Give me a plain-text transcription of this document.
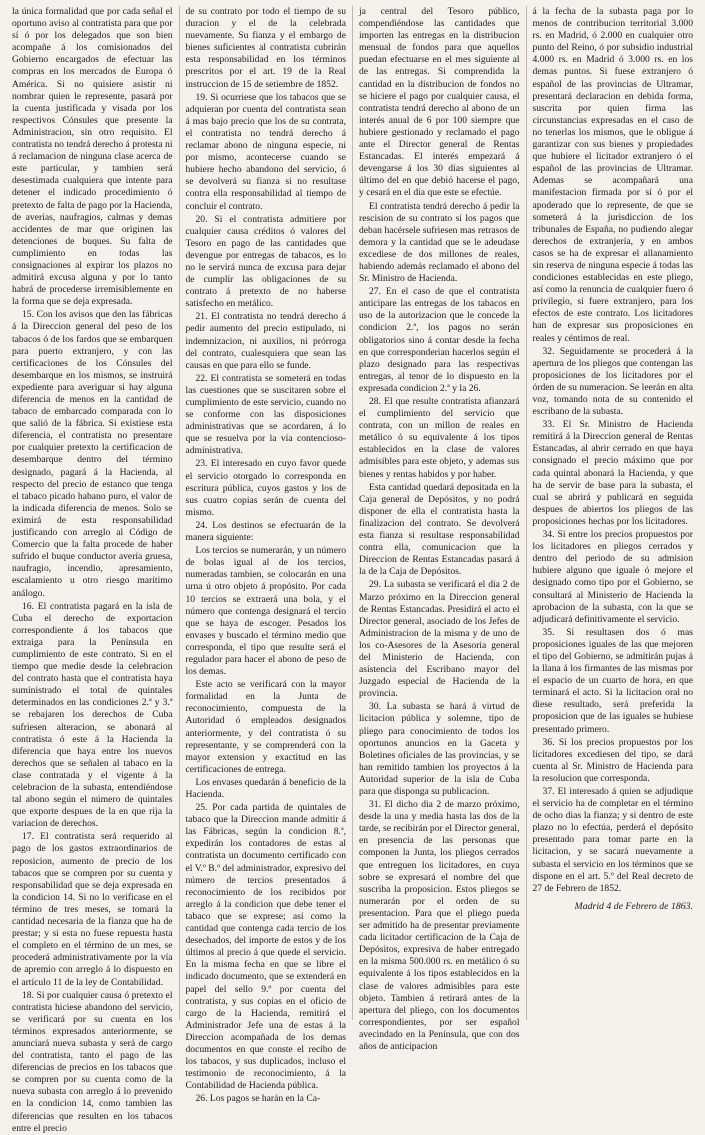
la única formalidad que por cada señal el oportuno aviso al contratista para que por sí ó por los delegados que son bien acompañe á los comisionados del Gobierno encargados de efectuar las compras en los mercados de Europa ó América. Si no quisiere asistir ni nombrar quien le represente, pasará por la cuenta justificada y visada por los respectivos Cónsules que presente la Administracion, sin otro requisito. El contratista no tendrá derecho á protesta ni á reclamacion de ninguna clase acerca de este particular, y tambien será desestimada cualquiera que intente para detener el indicado procedimiento ó pretexto de falta de pago por la Hacienda, de averías, naufragios, calmas y demas accidentes de mar que originen las detenciones de buques. Su falta de cumplimiento en todas las consignaciones al expirar los plazos no admitirá excusa alguna y por lo tanto habrá de procederse irremisiblemente en la forma que se deja expresada.

15. Con los avisos que den las fábricas á la Direccion general del peso de los tabacos ó de los fardos que se embarquen para puerto extranjero, y con las certificaciones de los Cónsules del desembarque en los mismos, se instruirá expediente para averiguar si hay alguna diferencia de menos en la cantidad de tabaco de embarcado comparada con lo que salió de la fábrica. Si existiese esta diferencia, el contratista no presentare por cualquier pretexto la certificacion de desembarque dentro del término designado, pagará á la Hacienda, al respecto del precio de estanco que tenga el tabaco picado habano puro, el valor de la indicada diferencia de menos. Solo se eximirá de esta responsabilidad justificando con arreglo al Código de Comercio que la falta procede de haber sufrido el buque conductor avería gruesa, naufragio, incendio, apresamiento, escalamiento u otro riesgo marítimo análogo.

16. El contratista pagará en la isla de Cuba el derecho de exportacion correspondiente á los tabacos que extraiga para la Península en cumplimiento de este contrato. Si en el tiempo que medie desde la celebracion del contrato hasta que el contratista haya suministrado el total de quintales determinados en las condiciones 2.ª y 3.ª se rebajaren los derechos de Cuba sufriesen alteracion, se abonará al contratista ó este á la Hacienda la diferencia que haya entre los nuevos derechos que se señalen al tabaco en la clase contratada y el vigente á la celebracion de la subasta, entendiéndose tal abono según el número de quintales que exporte despues de la en que rija la variacion de derechos.

17. El contratista será requerido al pago de los gastos extraordinarios de reposicion, aumento de precio de los tabacos que se compren por su cuenta y responsabilidad que se deja expresada en la condicion 14. Si no lo verificase en el término de tres meses, se tomará la cantidad necesaria de la fianza que ha de prestar; y si esta no fuese repuesta hasta el completo en el término de un mes, se procederá administrativamente por la vía de apremio con arreglo á lo dispuesto en el artículo 11 de la ley de Contabilidad.

18. Si por cualquier causa ó pretexto el contratista hiciese abandono del servicio, se verificará por su cuenta en los términos expresados anteriormente, se anunciará nueva subasta y será de cargo del contratista, tanto el pago de las diferencias de precios en los tabacos que se compren por su cuenta como de la nueva subasta con arreglo á lo prevenido en la condicion 14, como tambien las diferencias que resulten en los tabacos entre el precio

de su contrato por todo el tiempo de su duracion y el de la celebrada nuevamente. Su fianza y el embargo de bienes suficientes al contratista cubrirán esta responsabilidad en los términos prescritos por el art. 19 de la Real instruccion de 15 de setiembre de 1852.

19. Si ocurriese que los tabacos que se adquieran por cuenta del contratista sean á mas bajo precio que los de su contrata, el contratista no tendrá derecho á reclamar abono de ninguna especie, ni por mismo, acontecerse cuando se hubiere hecho abandono del servicio, ó se devolverá su fianza si no resultase contra ella responsabilidad al tiempo de concluir el contrato.

20. Si el contratista admitiere por cualquier causa créditos ó valores del Tesoro en pago de las cantidades que devengue por entregas de tabacos, es lo no le servirá nunca de excusa para dejar de cumplir las obligaciones de su contrato á pretexto de no haberse satisfecho en metálico.

21. El contratista no tendrá derecho á pedir aumento del precio estipulado, ni indemnizacion, ni auxilios, ni prórroga del contrato, cualesquiera que sean las causas en que para ello se funde.

22. El contratista se someterá en todas las cuestiones que se suscitaren sobre el cumplimiento de este servicio, cuando no se conforme con las disposiciones administrativas que se acordaren, á lo que se resuelva por la vía contencioso-administrativa.

23. El interesado en cuyo favor quede el servicio otorgado lo corresponda en escritura pública, cuyos gastos y los de sus cuatro copias serán de cuenta del mismo.

24. Los destinos se efectuarán de la manera siguiente:

Los tercios se numerarán, y un número de bolas igual al de los tercios, numeradas tambien, se colocarán en una urna ú otro objeto á propósito. Por cada 10 tercios se extraerá una bola, y el número que contenga designará el tercio que se haya de escoger. Pesados los envases y buscado el término medio que corresponda, el tipo que resulte será el regulador para hacer el abono de peso de los demas.

Este acto se verificará con la mayor formalidad en la Junta de reconocimiento, compuesta de la Autoridad ó empleados designados anteriormente, y del contratista ó su representante, y se comprenderá con la mayor extension y exactitud en las certificaciones de entrega.

Los envases quedarán á beneficio de la Hacienda.

25. Por cada partida de quintales de tabaco que la Direccion mande admitir á las Fábricas, según la condicion 8.ª, expedirán los contadores de estas al contratista un documento certificado con el V.º B.º del administrador, expresivo del número de tercios presentados á reconocimiento de los recibidos por arreglo á la condicion que debe tener el tabaco que se exprese; así como la cantidad que contenga cada tercio de los desechados, del importe de estos y de los últimos al precio á que quede el servicio. En la misma fecha en que se libre el indicado documento, que se extenderá en papel del sello 9.º por cuenta del contratista, y sus copias en el oficio de cargo de la Hacienda, remitirá el Administrador Jefe una de estas á la Direccion acompañada de los demas documentos en que conste el recibo de los tabacos, y sus duplicados, incluso el testimonio de reconocimiento, á la Contabilidad de Hacienda pública.

26. Los pagos se harán en la Ca-

ja central del Tesoro público, compendiéndose las cantidades que importen las entregas en la distribucion mensual de fondos para que aquellos puedan efectuarse en el mes siguiente al de las entregas. Si comprendida la cantidad en la distribucion de fondos no se hiciere el pago por cualquier causa, el contratista tendrá derecho al abono de un interés anual de 6 por 100 siempre que hubiere gestionado y reclamado el pago ante el Director general de Rentas Estancadas. El interés empezará á devengarse á los 30 días siguientes al último del en que debió hacerse el pago, y cesará en el día que este se efectúe.

El contratista tendrá derecho á pedir la rescision de su contrato si los pagos que deban hacérsele sufriesen mas retrasos de demora y la cantidad que se le adeudase excediese de dos millones de reales, habiendo además reclamado el abono del Sr. Ministro de Hacienda.

27. En el caso de que el contratista anticipare las entregas de los tabacos en uso de la autorizacion que le concede la condicion 2.ª, los pagos no serán obligatorios sino á contar desde la fecha en que corresponderian hacerlos según el plazo designado para las respectivas entregas, al tenor de lo dispuesto en la expresada condicion 2.ª y la 26.

28. El que resulte contratista afianzará el cumplimiento del servicio que contrata, con un millon de reales en metálico ó su equivalente á los tipos establecidos en la clase de valores admisibles para este objeto, y ademas sus bienes y rentas habidos y por haber.

Esta cantidad quedará depositada en la Caja general de Depósitos, y no podrá disponer de ella el contratista hasta la finalizacion del contrato. Se devolverá esta fianza si resultase responsabilidad contra ella, comunicacion que la Direccion de Rentas Estancadas pasará á la de la Caja de Depósitos.

29. La subasta se verificará el dia 2 de Marzo próximo en la Direccion general de Rentas Estancadas. Presidirá el acto el Director general, asociado de los Jefes de Administracion de la misma y de uno de los co-Asesores de la Asesoría general del Ministerio de Hacienda, con asistencia del Escribano mayor del Juzgado especial de Hacienda de la provincia.

30. La subasta se hará á virtud de licitacion pública y solemne, tipo de pliego para conocimiento de todos los oportunos anuncios en la Gaceta y Boletines oficiales de las provincias, y se han remitido tambien los proyectos á la Autoridad superior de la isla de Cuba para que disponga su publicacion.

31. El dicho dia 2 de marzo próximo, desde la una y media hasta las dos de la tarde, se recibirán por el Director general, en presencia de las personas que componen la Junta, los pliegos cerrados que entreguen los licitadores, en cuya sobre se expresará el nombre del que suscriba la proposicion. Estos pliegos se numerarán por el orden de su presentacion. Para que el pliego pueda ser admitido ha de presentar previamente cada licitador certificacion de la Caja de Depósitos, expresiva de haber entregado en la misma 500.000 rs. en metálico ó su equivalente á los tipos establecidos en la clase de valores admisibles para este objeto. Tambien á retirará antes de la apertura del pliego, con los documentos correspondientes, por ser español avecindado en la Península, que con dos años de anticipacion

á la fecha de la subasta paga por lo menos de contribucion territorial 3.000 rs. en Madrid, ó 2.000 en cualquier otro punto del Reino, ó por subsidio industrial 4.000 rs. en Madrid ó 3.000 rs. en los demas puntos. Si fuese extranjero ó español de las provincias de Ultramar, presentará declaracion en debida forma, suscrita por quien firma las circunstancias expresadas en el caso de no tenerlas los mismos, que le obligue á garantizar con sus bienes y propiedades que hubiere el licitador extranjero ó el español de las provincias de Ultramar. Ademas se acompañará una manifestacion firmada por sí ó por el apoderado que lo represente, de que se someterá á la jurisdiccion de los tribunales de España, no pudiendo alegar derechos de extranjería, y en ambos casos se ha de expresar el allanamiento sin reserva de ninguna especie á todas las condiciones establecidas en este pliego, así como la renuncia de cualquier fuero ó privilegio, si fuere extranjero, para los efectos de este contrato. Los licitadores han de expresar sus proposiciones en reales y céntimos de real.

32. Seguidamente se procederá á la apertura de los pliegos que contengan las proposiciones de los licitadores por el órden de su numeracion. Se leerán en alta voz, tomando nota de su contenido el escribano de la subasta.

33. El Sr. Ministro de Hacienda remitirá á la Direccion general de Rentas Estancadas, al abrir cerrado en que haya consignado el precio máximo que por cada quintal abonará la Hacienda, y que ha de servir de base para la subasta, el cual se abrirá y publicará en seguida despues de abiertos los pliegos de las proposiciones hechas por los licitadores.

34. Si entre los precios propuestos por los licitadores en pliegos cerrados y dentro del periodo de su admision hubiere alguno que iguale ó mejore el designado como tipo por el Gobierno, se consultará al Ministerio de Hacienda la aprobacion de la subasta, con la que se adjudicará definitivamente el servicio.

35. Si resultasen dos ó mas proposiciones iguales de las que mejoren el tipo del Gobierno, se admitirán pujas á la llana á los firmantes de las mismas por el espacio de un cuarto de hora, en que terminará el acto. Si la licitacion oral no diese resultado, será preferida la proposicion que de las iguales se hubiese presentado primero.

36. Si los precios propuestos por los licitadores excediesen del tipo, se dará cuenta al Sr. Ministro de Hacienda para la resolucion que corresponda.

37. El interesado á quien se adjudique el servicio ha de completar en el término de ocho dias la fianza; y si dentro de este plazo no lo efectúa, perderá el depósito presentado para tomar parte en la licitacion, y se sacará nuevamente a subasta el servicio en los términos que se dispone en el art. 5.º del Real decreto de 27 de Febrero de 1852.

Madrid 4 de Febrero de 1863.
